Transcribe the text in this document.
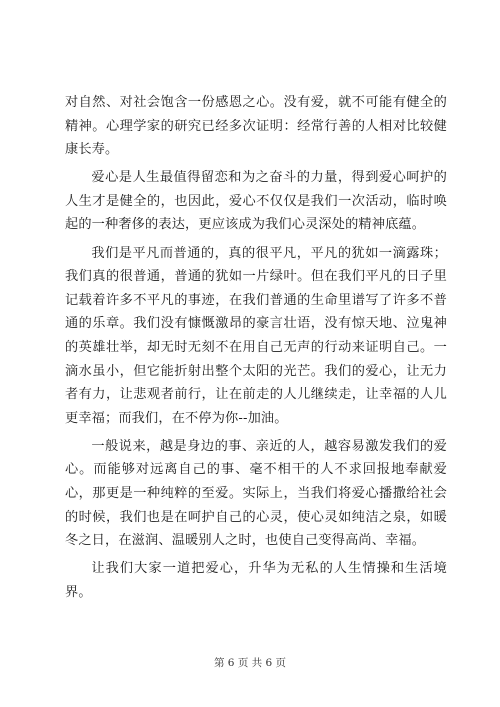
对自然、对社会饱含一份感恩之心。没有爱，就不可能有健全的精神。心理学家的研究已经多次证明：经常行善的人相对比较健康长寿。

爱心是人生最值得留恋和为之奋斗的力量，得到爱心呵护的人生才是健全的，也因此，爱心不仅仅是我们一次活动，临时唤起的一种奢侈的表达，更应该成为我们心灵深处的精神底蕴。

我们是平凡而普通的，真的很平凡，平凡的犹如一滴露珠；我们真的很普通，普通的犹如一片绿叶。但在我们平凡的日子里记载着许多不平凡的事迹，在我们普通的生命里谱写了许多不普通的乐章。我们没有慷慨激昂的豪言壮语，没有惊天地、泣鬼神的英雄壮举，却无时无刻不在用自己无声的行动来证明自己。一滴水虽小，但它能折射出整个太阳的光芒。我们的爱心，让无力者有力，让悲观者前行，让在前走的人儿继续走，让幸福的人儿更幸福；而我们，在不停为你--加油。

一般说来，越是身边的事、亲近的人，越容易激发我们的爱心。而能够对远离自己的事、毫不相干的人不求回报地奉献爱心，那更是一种纯粹的至爱。实际上，当我们将爱心播撒给社会的时候，我们也是在呵护自己的心灵，使心灵如纯洁之泉，如暖冬之日，在滋润、温暖别人之时，也使自己变得高尚、幸福。

让我们大家一道把爱心，升华为无私的人生情操和生活境界。

第 6 页 共 6 页
